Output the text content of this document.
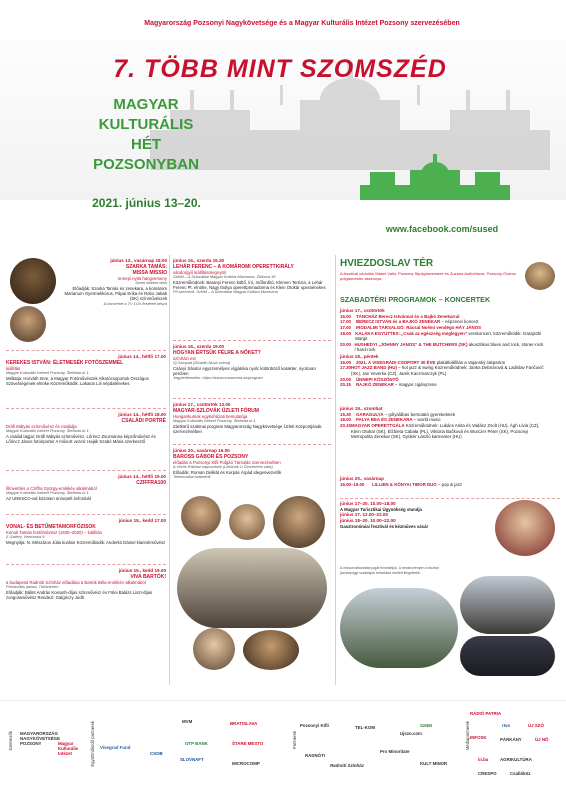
Magyarország Pozsonyi Nagykövetsége és a Magyar Kulturális Intézet Pozsony szervezésében
7. TÖBB MINT SZOMSZÉD
MAGYAR
KULTURÁLIS
HÉT
POZSONYBAN
2021. június 13–20.
www.facebook.com/sused
június 13., vasárnap 18.00
SZARKA TAMÁS:
MISSA MISSIO
ünnepi nyitó hangverseny
Szent Márton dóm
Előadják: Szarka Tamás és zenekara, a komárom Marianum Gyermekkórus, Pápai Erika és Robo Jakab (SK) színművészek
A koncertet a TV LUX felvételt készít
június 14., hétfő 17.00
KEREKES ISTVÁN: ÉLETMESÉK FOTÓSZEMMEL
kiállítás
Magyar Kulturális Intézet Pozsony, Štefánia út 1.
Méltatja: Horváth Imre, a Magyar Fotóművészek Alkotócsoportok Országos Szövetségének elnöke Közreműködik: Lakatos Lili népdalénekes
június 14., hétfő 18.00
CSALÁDI PORTRÉ
Dráfi Mátyás színművész és családja
Magyar Kulturális Intézet Pozsony, Štefánia út 1.
A család tagjai: Dráfi Mátyás színművész, Lőrincz Zsuzsanna képzőművész és Lőrincz János fotóriporter A műsort vezeti: Haják Szabó Mária szerkesztő
június 14., hétfő 19.00
CZIFFRA100
filmvetítés a Cziffra György-emlékév alkalmából
Magyar Kulturális Intézet Pozsony, Štefánia út 1.
Az UNESCO-val közösen ünnepelt évforduló
június 15., kedd 17.00
VONAL- ÉS BETŰMETAMORFÓZISOK
Konok Tamás festőművész (1930–2020) – kiállítás
Z Gallery, Ventúrska 9
Megnyitja: N. Mészáros Júlia kurátor Közreműködik: Anderkó Dániel klarinétművész
június 15., kedd 19.00
VIVA BARTÓK!
a budapesti Radnóti Színház előadása a Bartók Béla-emlékév alkalmából
Primáciális palota, Tükörterem
Előadják: Bálint András Kossuth-díjas színművész és Fülei Balázs Liszt-díjas zongoraművész Rendezi: Galgóczy Judit
június 16., szerda 15.30
LEHÁR FERENC – A KOMÁROMI OPERETTKIRÁLY
vándorgyű kiállításmegnyitó
SzNM – A Szlovákiai Magyar Kultúra Múzeuma, Žižkova 18
Közreműködnek: Baranyi Ferenc költő, író, műfordító, Klemen Terézia, a Lehár Ferenc Pt. elnöke, Nagy Ibolya operettprimadonna és Klein Otokár operaénekes
Fő szervező: SzNM – A Szlovákiai Magyar Kultúra Múzeuma
június 16., szerda 19.00
HOGYAN ÉRTSÜK FÉLRE A NŐKET?
színházi est
Új Színpad (Divadlo Nová scéna)
Csányi Sándor egyszemélyes vígjátéka nyolc különböző karakter, nyolcvan percben
Jegyértékesítés: https://www.novascena.sk/program
június 17., csütörtök 13.00
MAGYAR-SZLOVÁK ÜZLETI FÓRUM
Hungarikumok egykoházati bemutatója
Magyar Kulturális Intézet Pozsony, Štefánia út 1.
Zártkörű szakmai program Magyarország Nagykövetsége Üzleti Központjának szervezésében
június 20., vasárnap 16.00
BAROSS GÁBOR ÉS POZSONY
előadás a Pozsonyi Kifli Polgári Társulás szervezésében
A Vörös Rákhoz kapcsolódó (Lekárnik U Červeného raka)
Előadók: Roman Delikát és Korpás Árpád idegenvezetők
Telekocsiba buttonfolt
HVIEZDOSLAV TÉR
A fesztivál védnöke Matúš Vallo, Pozsony főpolgármestere és Zuzana Aufrichtová, Pozsony-Óváros polgármester asszonya
SZABADTÉRI PROGRAMOK – KONCERTEK
június 17., csütörtök
16.00	TÁNCHÁZ Berecz Istvánnal és a Bajkó Zenekarral
17.00	BERECZ ISTVÁN és a BAJKÓ ZENEKAR – népzenei koncert
17.00	IRODALMI TÁRSALGÓ: Rácsai Noémi vendégo HÁY JÁNOS
18.00 KALÁKA EGYÜTTES: „Csak az egészség meglegyen” verskoncert, közreműködik: Garajszki Margit
20.00 HUSHEDYI „JOHNNY JÁNOS” & THE BUTCHERS (SK) akusztikus blues and rock, stoner-rock / hard-rock
június 18., péntek
16.00	2021. A VISEGRÁDI CSOPORT 30 ÉVE plakátkiállítás a Vajanský rakparton
17.30 HOT JAZZ BAND (HU) – hot jazz & swing Közreműködnek: Janka Debnárová & Ladislav Fančovič (SK), Jan Veverka (CZ), Jarek Kaczmarczyk (PL)
20.00	ÜNNEPI KÖSZÖNTŐ
20.15	RAJKÓ ZENEKAR – magyar cigányzene
június 19., szombat
15.30	GARAGULYA – gólyalábas bemutató gyerekeknek
18.00	PALYA BEA ÉS ZENEKARA – world music
20.15 MAGYAR OPERETTGÁLA Közreműködnek: Lukács Anita és Vadász Zsolt (HU), Ágh Lívia (CZ), Klein Otokar (SK), Elżbieta Cabała (PL), Viktória Bačková és Wurczer Péter (SK), Pozsonyi Metropolita Zenekar (SK), Gyükér László karmester (HU)
június 20., vasárnap
16.00–19.00	LILLIEN & KÖNYAI TIBOR DUO – pop & jazz
június 17–20. 10.00–18.00
A Magyar Turisztikai Ügynökség standja
június 17. 12.00–22.00
június 18–20. 10.00–22.00
Gasztronómiai fesztivál és kézműves vásár
A műsorváltoztatás jogát fenntartjuk. A rendezvényen a tisztán járványügyi szabályok betartása mellett illegettetik.
Szervezők	Együttműködő partnerek	Partnerek	Médiapartnerek
MAGYARORSZÁG NAGYKÖVETSÉGE POZSONY	Magyar Kulturális Intézet
Visegrad Fund
CSOB
SLOVNAFT
MVM
OTP BANK
BRATISLAVA
ŠTARE MESTO
MICROCOMP
Pozsonyi Kifli	TEL-KOM
RADNÓTI
Radnóti Színház
Pro Minoritate
Ujszo.com
SzNM
KULT MINOR
RÁDIÓ PATRIA
rtvs	ÚJ SZÓ
INFOSK	PÁRKÁNY	ÚJ NŐ
in.ba	AGRIKULTÚRA
CRESPO	Csallóköz
